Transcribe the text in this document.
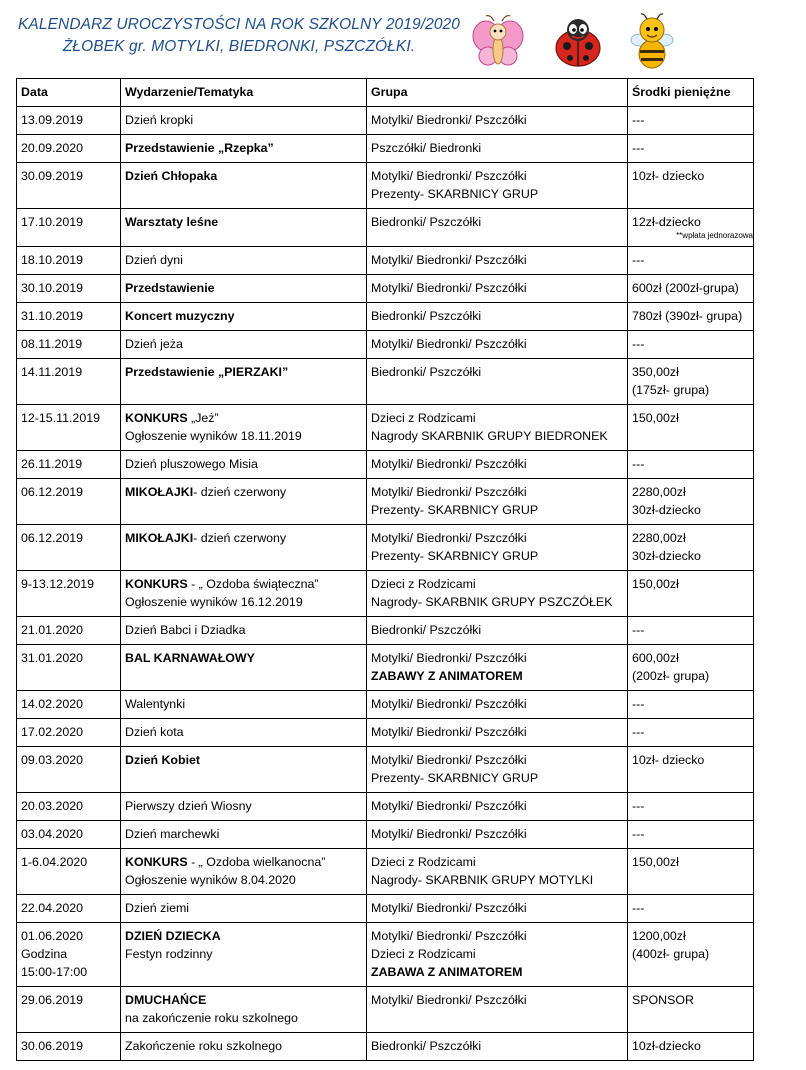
KALENDARZ UROCZYSTOŚCI NA ROK SZKOLNY 2019/2020
ŻŁOBEK gr. MOTYLKI, BIEDRONKI, PSZCZÓŁKI.
Data	Wydarzenie/Tematyka	Grupa	Środki pieniężne

13.09.2019	Dzień kropki	Motylki/ Biedronki/ Pszczółki	---

20.09.2020	Przedstawienie „Rzepka”	Pszczółki/ Biedronki	---

30.09.2019	Dzień Chłopaka	Motylki/ Biedronki/ Pszczółki
Prezenty- SKARBNICY GRUP	10zł- dziecko

17.10.2019	Warsztaty leśne	Biedronki/ Pszczółki	12zł-dziecko
**wpłata jednorazowa

18.10.2019	Dzień dyni	Motylki/ Biedronki/ Pszczółki	---

30.10.2019	Przedstawienie	Motylki/ Biedronki/ Pszczółki	600zł (200zł-grupa)

31.10.2019	Koncert muzyczny	Biedronki/ Pszczółki	780zł (390zł- grupa)

08.11.2019	Dzień jeża	Motylki/ Biedronki/ Pszczółki	---

14.11.2019	Przedstawienie „PIERZAKI”	Biedronki/ Pszczółki	350,00zł
(175zł- grupa)

12-15.11.2019	KONKURS „Jeż”
Ogłoszenie wyników 18.11.2019	Dzieci z Rodzicami
Nagrody SKARBNIK GRUPY BIEDRONEK	150,00zł

26.11.2019	Dzień pluszowego Misia	Motylki/ Biedronki/ Pszczółki	---

06.12.2019	MIKOŁAJKI- dzień czerwony	Motylki/ Biedronki/ Pszczółki
Prezenty- SKARBNICY GRUP	2280,00zł
30zł-dziecko

06.12.2019	MIKOŁAJKI- dzień czerwony	Motylki/ Biedronki/ Pszczółki
Prezenty- SKARBNICY GRUP	2280,00zł
30zł-dziecko

9-13.12.2019	KONKURS - „ Ozdoba świąteczna”
Ogłoszenie wyników 16.12.2019	Dzieci z Rodzicami
Nagrody- SKARBNIK GRUPY PSZCZÓŁEK	150,00zł

21.01.2020	Dzień Babci i Dziadka	Biedronki/ Pszczółki	---

31.01.2020	BAL KARNAWAŁOWY	Motylki/ Biedronki/ Pszczółki
ZABAWY Z ANIMATOREM	600,00zł
(200zł- grupa)

14.02.2020	Walentynki	Motylki/ Biedronki/ Pszczółki	---

17.02.2020	Dzień kota	Motylki/ Biedronki/ Pszczółki	---

09.03.2020	Dzień Kobiet	Motylki/ Biedronki/ Pszczółki
Prezenty- SKARBNICY GRUP	10zł- dziecko

20.03.2020	Pierwszy dzień Wiosny	Motylki/ Biedronki/ Pszczółki	---

03.04.2020	Dzień marchewki	Motylki/ Biedronki/ Pszczółki	---

1-6.04.2020	KONKURS - „ Ozdoba wielkanocna”
Ogłoszenie wyników 8.04.2020	Dzieci z Rodzicami
Nagrody- SKARBNIK GRUPY MOTYLKI	150,00zł

22.04.2020	Dzień ziemi	Motylki/ Biedronki/ Pszczółki	---

01.06.2020
Godzina
15:00-17:00	DZIEŃ DZIECKA
Festyn rodzinny	Motylki/ Biedronki/ Pszczółki
Dzieci z Rodzicami
ZABAWA Z ANIMATOREM	1200,00zł
(400zł- grupa)

29.06.2019	DMUCHAŃCE
na zakończenie roku szkolnego	Motylki/ Biedronki/ Pszczółki	SPONSOR

30.06.2019	Zakończenie roku szkolnego	Biedronki/ Pszczółki	10zł-dziecko
